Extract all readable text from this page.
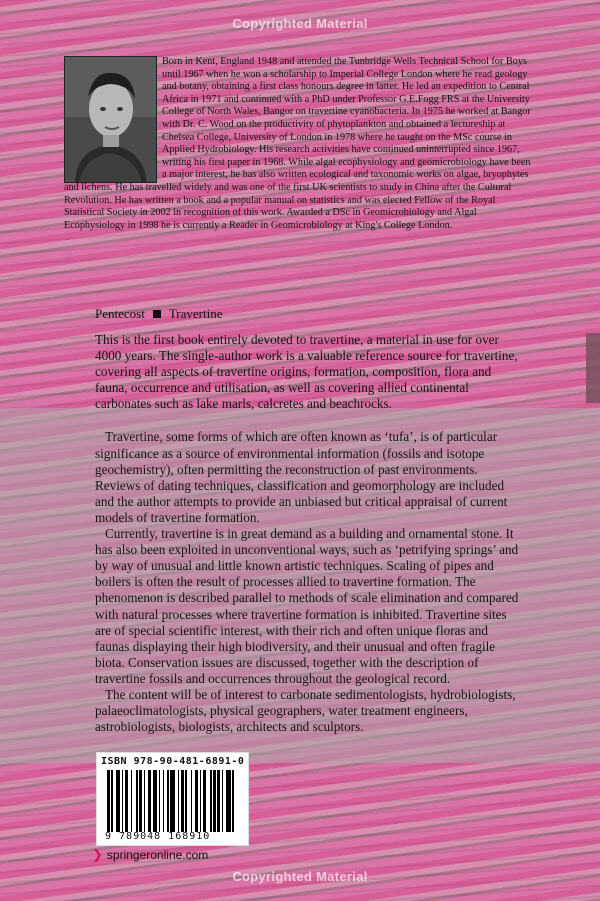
Copyrighted Material
Born in Kent, England 1948 and attended the Tunbridge Wells Technical School for Boys until 1967 when he won a scholarship to Imperial College London where he read geology and botany, obtaining a first class honours degree in latter. He led an expedition to Central Africa in 1971 and continued with a PhD under Professor G.E.Fogg FRS at the University College of North Wales, Bangor on travertine cyanobacteria. In 1975 he worked at Bangor with Dr. C. Wood on the productivity of phytoplankton and obtained a lectureship at Chelsea College, University of London in 1978 where he taught on the MSc course in Applied Hydrobiology. His research activities have continued uninterrupted since 1967, writing his first paper in 1968. While algal ecophysiology and geomicrobiology have been a major interest, he has also written ecological and taxonomic works on algae, bryophytes and lichens. He has travelled widely and was one of the first UK scientists to study in China after the Cultural Revolution. He has written a book and a popular manual on statistics and was elected Fellow of the Royal Statistical Society in 2002 in recognition of this work. Awarded a DSc in Geomicrobiology and Algal Ecophysiology in 1998 he is currently a Reader in Geomicrobiology at King's College London.
Pentecost Travertine

This is the first book entirely devoted to travertine, a material in use for over 4000 years. The single-author work is a valuable reference source for travertine, covering all aspects of travertine origins, formation, composition, flora and fauna, occurrence and utilisation, as well as covering allied continental carbonates such as lake marls, calcretes and beachrocks.

Travertine, some forms of which are often known as ‘tufa’, is of particular significance as a source of environmental information (fossils and isotope geochemistry), often permitting the reconstruction of past environments. Reviews of dating techniques, classification and geomorphology are included and the author attempts to provide an unbiased but critical appraisal of current models of travertine formation.

Currently, travertine is in great demand as a building and ornamental stone. It has also been exploited in unconventional ways, such as ‘petrifying springs’ and by way of unusual and little known artistic techniques. Scaling of pipes and boilers is often the result of processes allied to travertine formation. The phenomenon is described parallel to methods of scale elimination and compared with natural processes where travertine formation is inhibited. Travertine sites are of special scientific interest, with their rich and often unique floras and faunas displaying their high biodiversity, and their unusual and often fragile biota. Conservation issues are discussed, together with the description of travertine fossils and occurrences throughout the geological record.

The content will be of interest to carbonate sedimentologists, hydrobiologists, palaeoclimatologists, physical geographers, water treatment engineers, astrobiologists, biologists, architects and sculptors.

ISBN 978-90-481-6891-0
9 789048 168910
❯ springeronline.com
Copyrighted Material
